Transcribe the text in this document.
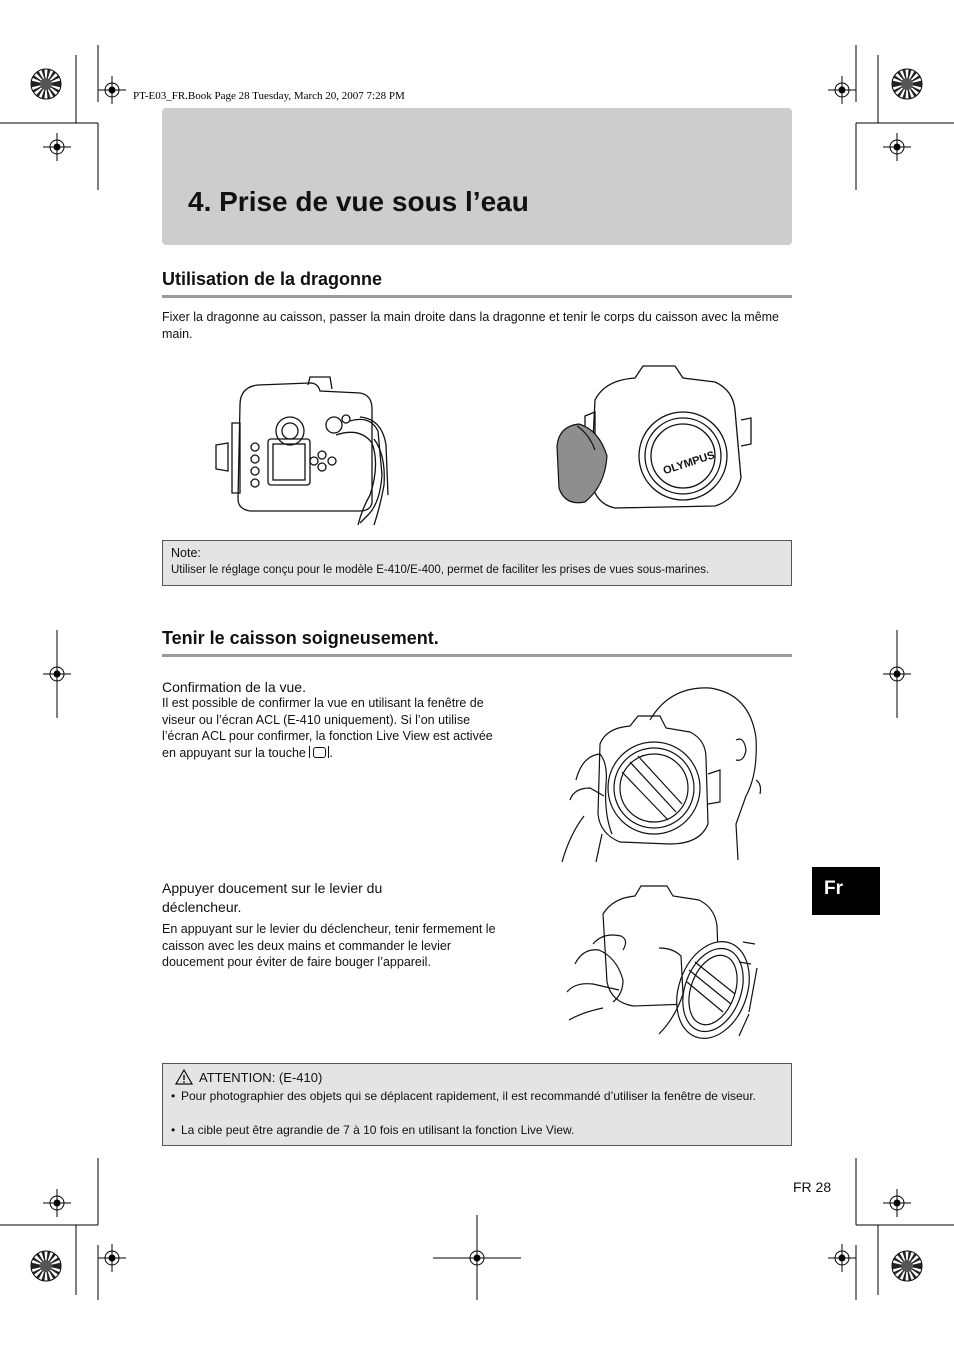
PT-E03_FR.Book Page 28 Tuesday, March 20, 2007 7:28 PM
4. Prise de vue sous l’eau
Utilisation de la dragonne
Fixer la dragonne au caisson, passer la main droite dans la dragonne et tenir le corps du caisson avec la même main.
OLYMPUS
Note:
Utiliser le réglage conçu pour le modèle E-410/E-400, permet de faciliter les prises de vues sous-marines.
Tenir le caisson soigneusement.
Confirmation de la vue.
Il est possible de confirmer la vue en utilisant la fenêtre de viseur ou l’écran ACL (E-410 uniquement). Si l’on utilise l’écran ACL pour confirmer, la fonction Live View est activée en appuyant sur la touche .
Appuyer doucement sur le levier du déclencheur.
En appuyant sur le levier du déclencheur, tenir fermement le caisson avec les deux mains et commander le levier doucement pour éviter de faire bouger l’appareil.
ATTENTION: (E-410)
• Pour photographier des objets qui se déplacent rapidement, il est recommandé d’utiliser la fenêtre de viseur.
• La cible peut être agrandie de 7 à 10 fois en utilisant la fonction Live View.
Fr
FR 28
